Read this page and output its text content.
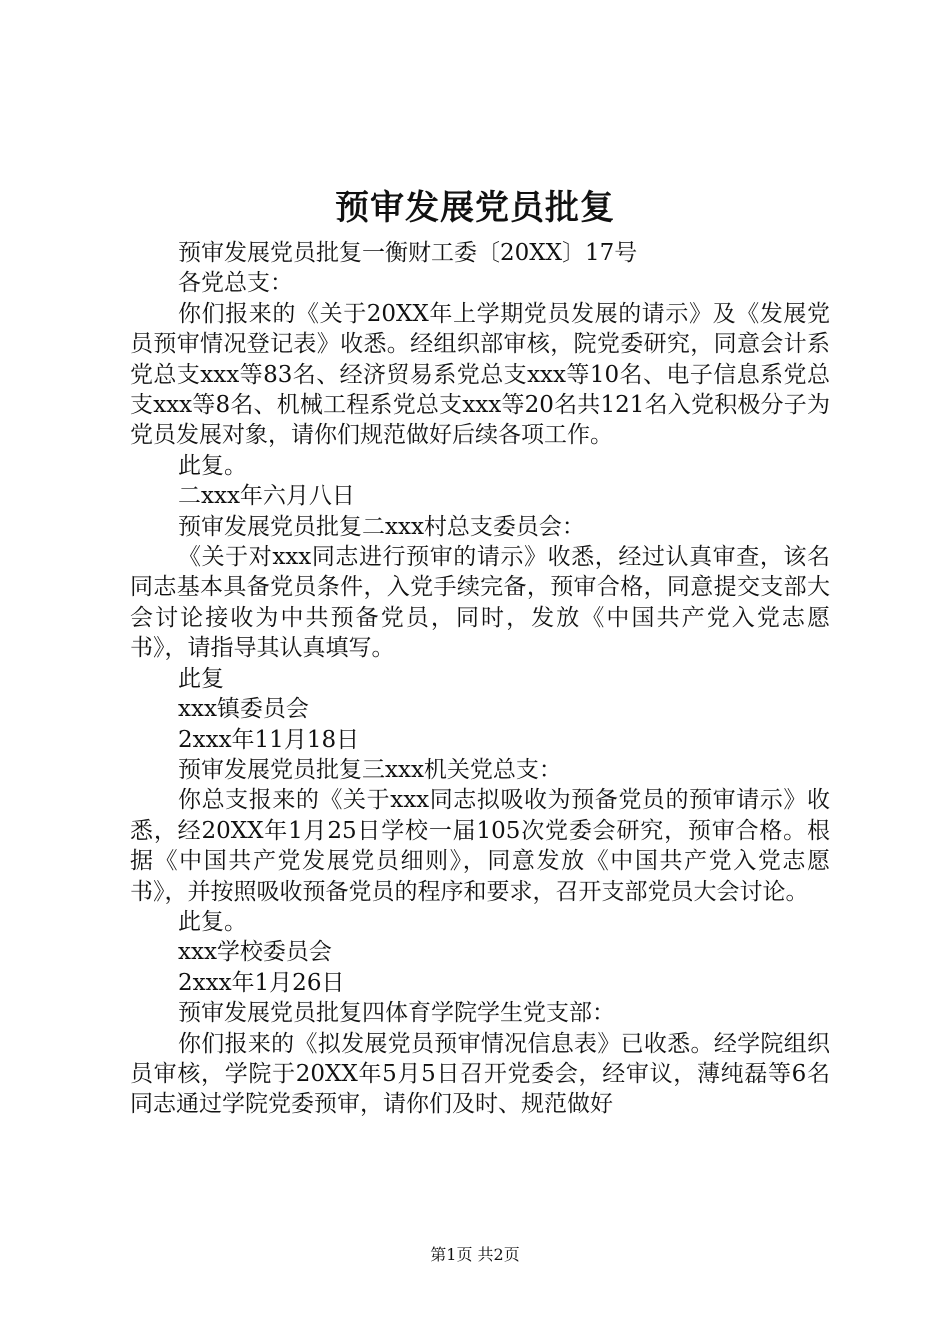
预审发展党员批复

预审发展党员批复一衡财工委〔20XX〕17号

各党总支：

你们报来的《关于20XX年上学期党员发展的请示》及《发展党员预审情况登记表》收悉。经组织部审核，院党委研究，同意会计系党总支xxx等83名、经济贸易系党总支xxx等10名、电子信息系党总支xxx等8名、机械工程系党总支xxx等20名共121名入党积极分子为党员发展对象，请你们规范做好后续各项工作。

此复。

二xxx年六月八日

预审发展党员批复二xxx村总支委员会：

《关于对xxx同志进行预审的请示》收悉，经过认真审查，该名同志基本具备党员条件，入党手续完备，预审合格，同意提交支部大会讨论接收为中共预备党员，同时，发放《中国共产党入党志愿书》，请指导其认真填写。

此复

xxx镇委员会

2xxx年11月18日

预审发展党员批复三xxx机关党总支：

你总支报来的《关于xxx同志拟吸收为预备党员的预审请示》收悉，经20XX年1月25日学校一届105次党委会研究，预审合格。根据《中国共产党发展党员细则》，同意发放《中国共产党入党志愿书》，并按照吸收预备党员的程序和要求，召开支部党员大会讨论。

此复。

xxx学校委员会

2xxx年1月26日

预审发展党员批复四体育学院学生党支部：

你们报来的《拟发展党员预审情况信息表》已收悉。经学院组织员审核，学院于20XX年5月5日召开党委会，经审议，薄纯磊等6名同志通过学院党委预审，请你们及时、规范做好

第1页 共2页
